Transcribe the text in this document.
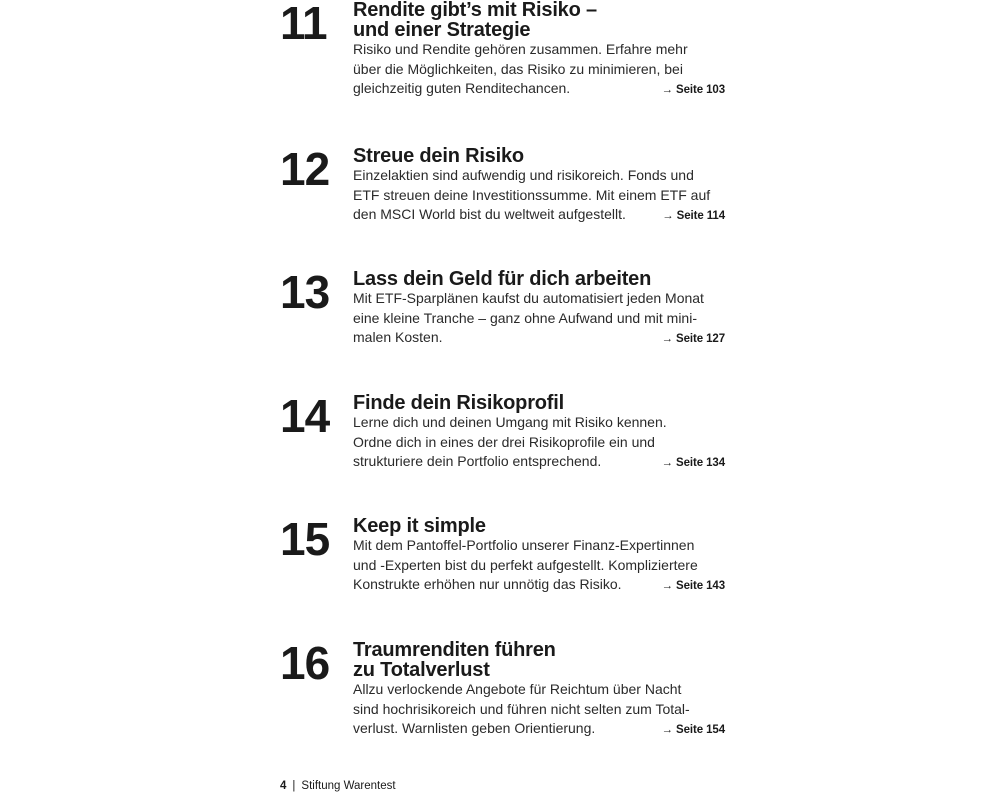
11 Rendite gibt’s mit Risiko –
und einer Strategie

Risiko und Rendite gehören zusammen. Erfahre mehr
über die Möglichkeiten, das Risiko zu minimieren, bei
gleichzeitig guten Renditechancen.	→ Seite 103

12 Streue dein Risiko

Einzelaktien sind aufwendig und risikoreich. Fonds und
ETF streuen deine Investitionssumme. Mit einem ETF auf
den MSCI World bist du weltweit aufgestellt.	→ Seite 114

13 Lass dein Geld für dich arbeiten

Mit ETF-Sparplänen kaufst du automatisiert jeden Monat
eine kleine Tranche – ganz ohne Aufwand und mit mini-
malen Kosten.	→ Seite 127

14 Finde dein Risikoprofil

Lerne dich und deinen Umgang mit Risiko kennen.
Ordne dich in eines der drei Risikoprofile ein und
strukturiere dein Portfolio entsprechend.	→ Seite 134

15 Keep it simple

Mit dem Pantoffel-Portfolio unserer Finanz-Expertinnen
und -Experten bist du perfekt aufgestellt. Kompliziertere
Konstrukte erhöhen nur unnötig das Risiko.	→ Seite 143

16 Traumrenditen führen
zu Totalverlust

Allzu verlockende Angebote für Reichtum über Nacht
sind hochrisikoreich und führen nicht selten zum Total-
verlust. Warnlisten geben Orientierung.	→ Seite 154

4 | Stiftung Warentest
